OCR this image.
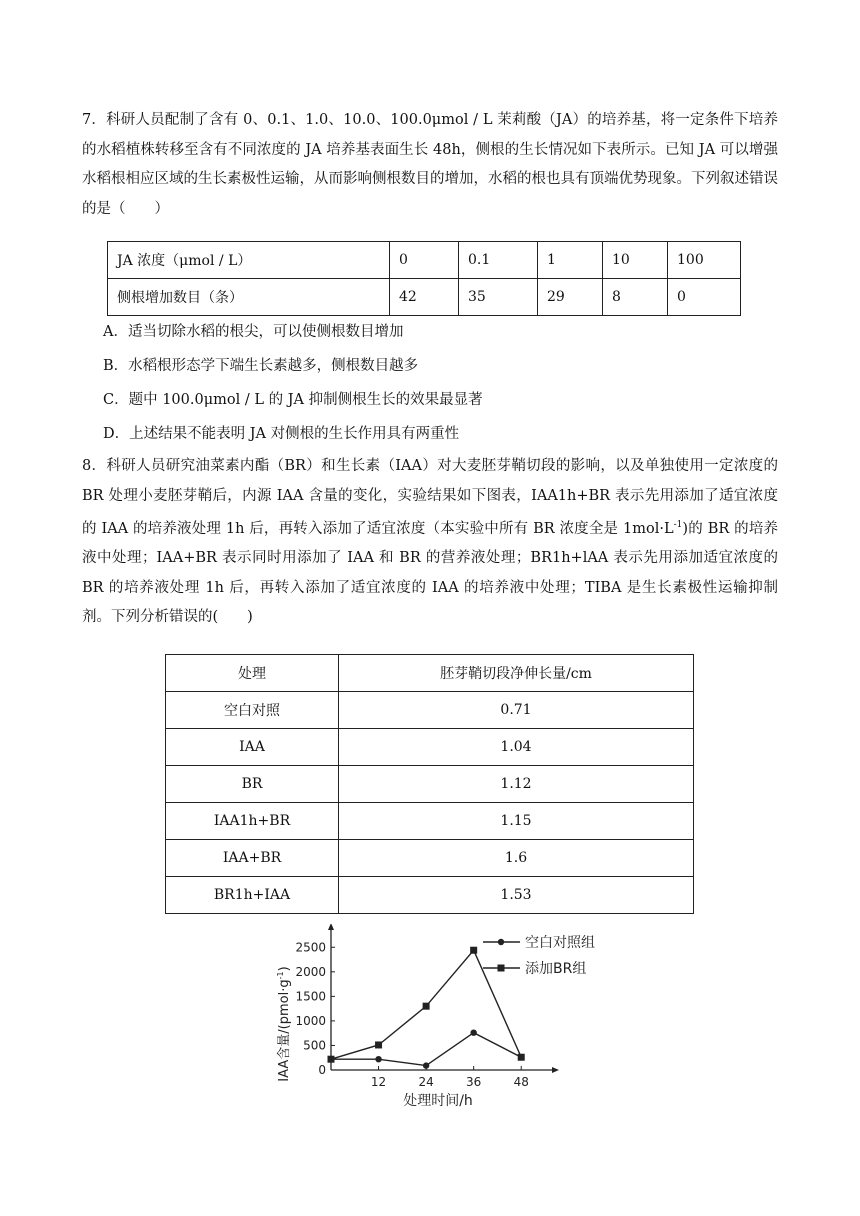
7．科研人员配制了含有 0、0.1、1.0、10.0、100.0μmol / L 茉莉酸（JA）的培养基，将一定条件下培养的水稻植株转移至含有不同浓度的 JA 培养基表面生长 48h，侧根的生长情况如下表所示。已知 JA 可以增强水稻根相应区域的生长素极性运输，从而影响侧根数目的增加，水稻的根也具有顶端优势现象。下列叙述错误的是（　　）

JA 浓度（μmol / L）	0	0.1	1	10	100
侧根增加数目（条）	42	35	29	8	0

A．适当切除水稻的根尖，可以使侧根数目增加

B．水稻根形态学下端生长素越多，侧根数目越多

C．题中 100.0μmol / L 的 JA 抑制侧根生长的效果最显著

D．上述结果不能表明 JA 对侧根的生长作用具有两重性

8．科研人员研究油菜素内酯（BR）和生长素（IAA）对大麦胚芽鞘切段的影响，以及单独使用一定浓度的 BR 处理小麦胚芽鞘后，内源 IAA 含量的变化，实验结果如下图表，IAA1h+BR 表示先用添加了适宜浓度的 IAA 的培养液处理 1h 后，再转入添加了适宜浓度（本实验中所有 BR 浓度全是 $1mol\cdot L^{-1}$)的 BR 的培养液中处理；IAA+BR 表示同时用添加了 IAA 和 BR 的营养液处理；BR1h+lAA 表示先用添加适宜浓度的 BR 的培养液处理 1h 后，再转入添加了适宜浓度的 IAA 的培养液中处理；TIBA 是生长素极性运输抑制剂。下列分析错误的(　　)

处理	胚芽鞘切段净伸长量/cm
空白对照	0.71
IAA	1.04
BR	1.12
IAA1h+BR	1.15
IAA+BR	1.6
BR1h+IAA	1.53
0
500
1000
1500
2000
2500
12	24	36	48
空白对照组
添加BR组
IAA含量$/(pmol\cdot g^{-1})$
处理时间/h
